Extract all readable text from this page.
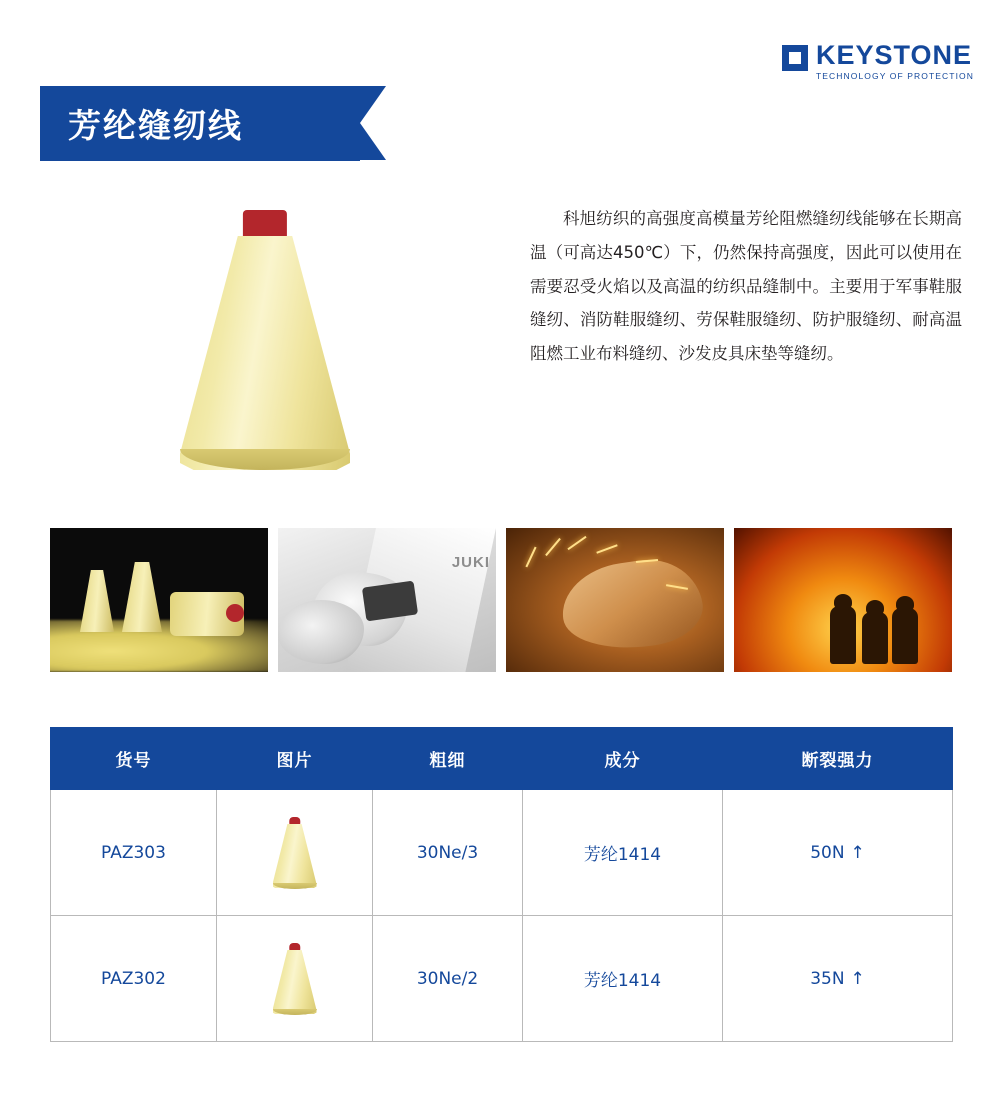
KEYSTONE
TECHNOLOGY OF PROTECTION
芳纶缝纫线
科旭纺织的高强度高模量芳纶阻燃缝纫线能够在长期高温（可高达450℃）下，仍然保持高强度，因此可以使用在需要忍受火焰以及高温的纺织品缝制中。主要用于军事鞋服缝纫、消防鞋服缝纫、劳保鞋服缝纫、防护服缝纫、耐高温阻燃工业布料缝纫、沙发皮具床垫等缝纫。
JUKI
货号	图片	粗细	成分	断裂强力
PAZ303		30Ne/3	芳纶1414	50N ↑
PAZ302		30Ne/2	芳纶1414	35N ↑
